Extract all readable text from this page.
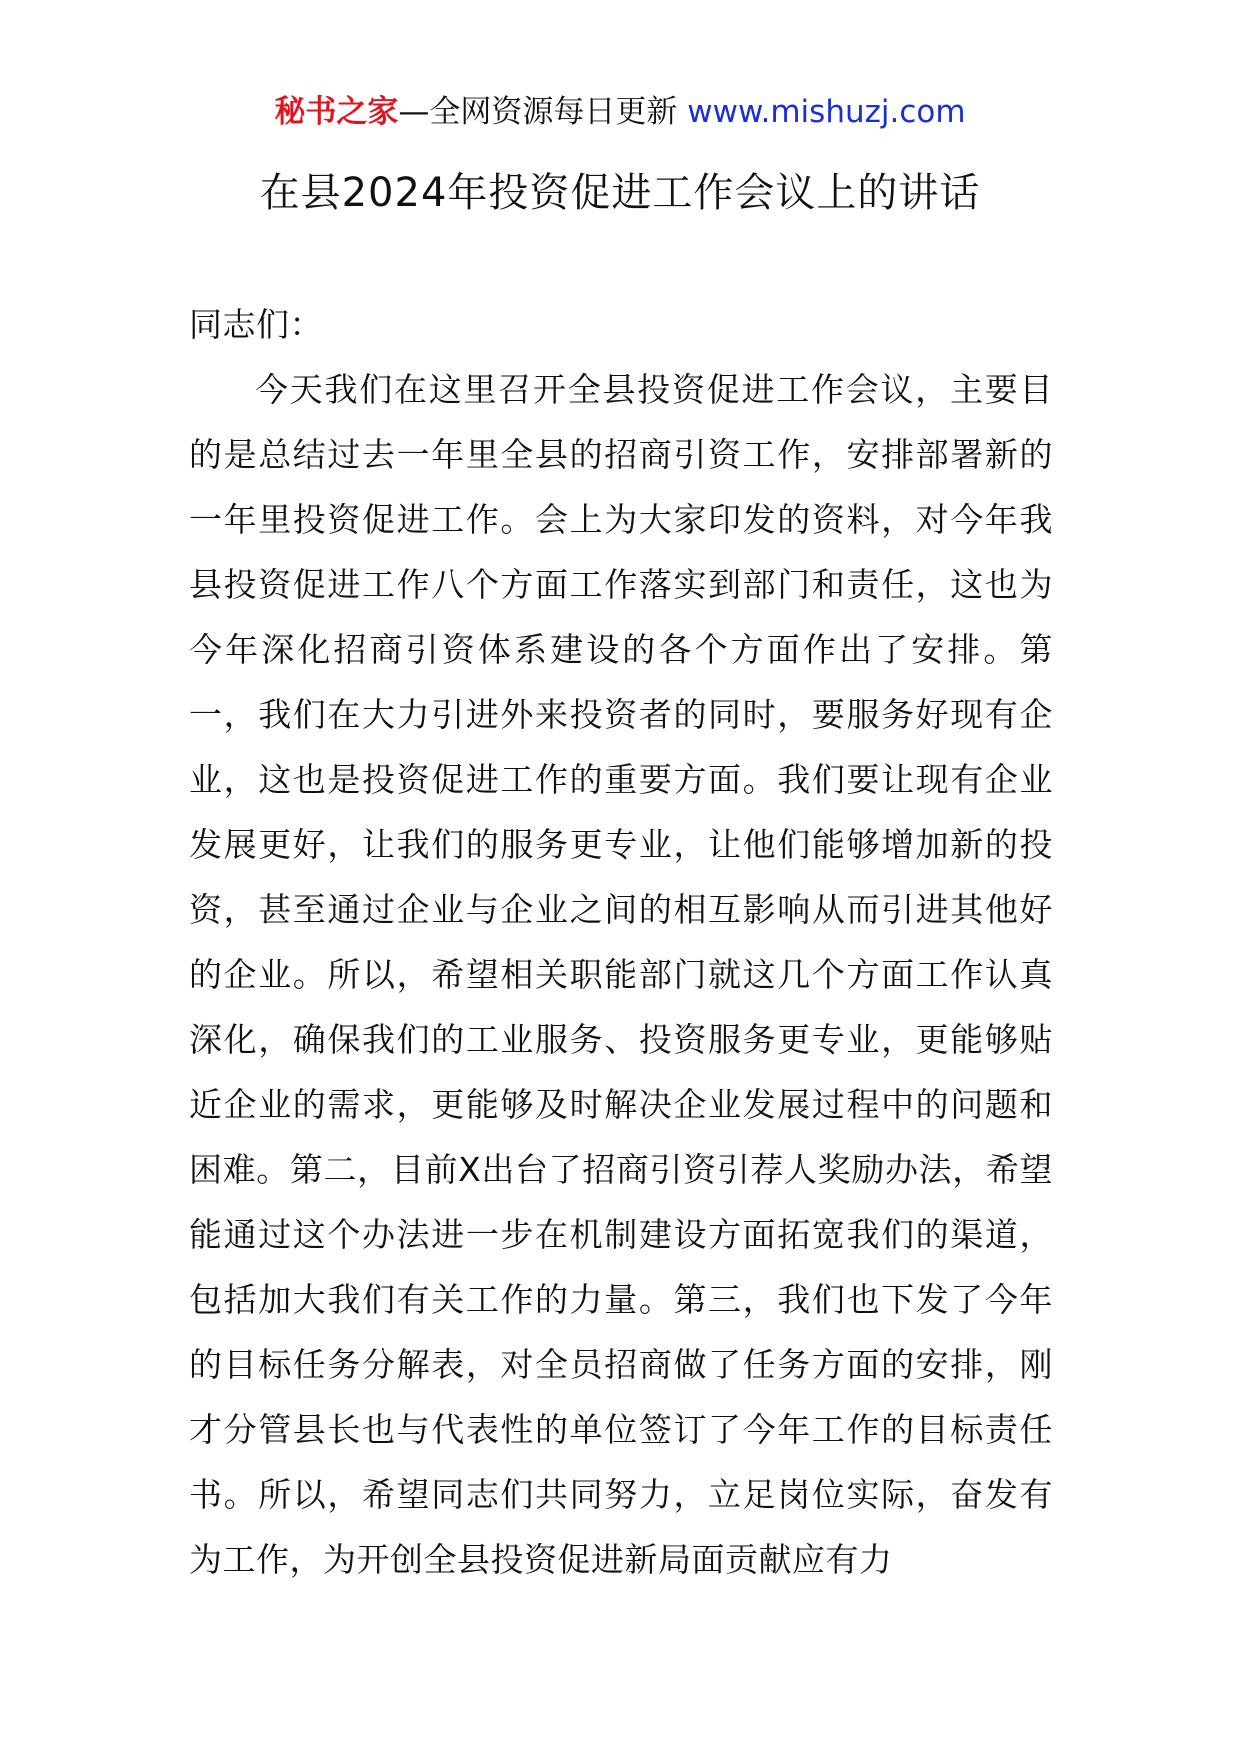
秘书之家—全网资源每日更新 www.mishuzj.com
在县2024年投资促进工作会议上的讲话
同志们：
今天我们在这里召开全县投资促进工作会议，主要目的是总结过去一年里全县的招商引资工作，安排部署新的一年里投资促进工作。会上为大家印发的资料，对今年我县投资促进工作八个方面工作落实到部门和责任，这也为今年深化招商引资体系建设的各个方面作出了安排。第一，我们在大力引进外来投资者的同时，要服务好现有企业，这也是投资促进工作的重要方面。我们要让现有企业发展更好，让我们的服务更专业，让他们能够增加新的投资，甚至通过企业与企业之间的相互影响从而引进其他好的企业。所以，希望相关职能部门就这几个方面工作认真深化，确保我们的工业服务、投资服务更专业，更能够贴近企业的需求，更能够及时解决企业发展过程中的问题和困难。第二，目前X出台了招商引资引荐人奖励办法，希望能通过这个办法进一步在机制建设方面拓宽我们的渠道，包括加大我们有关工作的力量。第三，我们也下发了今年的目标任务分解表，对全员招商做了任务方面的安排，刚才分管县长也与代表性的单位签订了今年工作的目标责任书。所以，希望同志们共同努力，立足岗位实际，奋发有为工作，为开创全县投资促进新局面贡献应有力
